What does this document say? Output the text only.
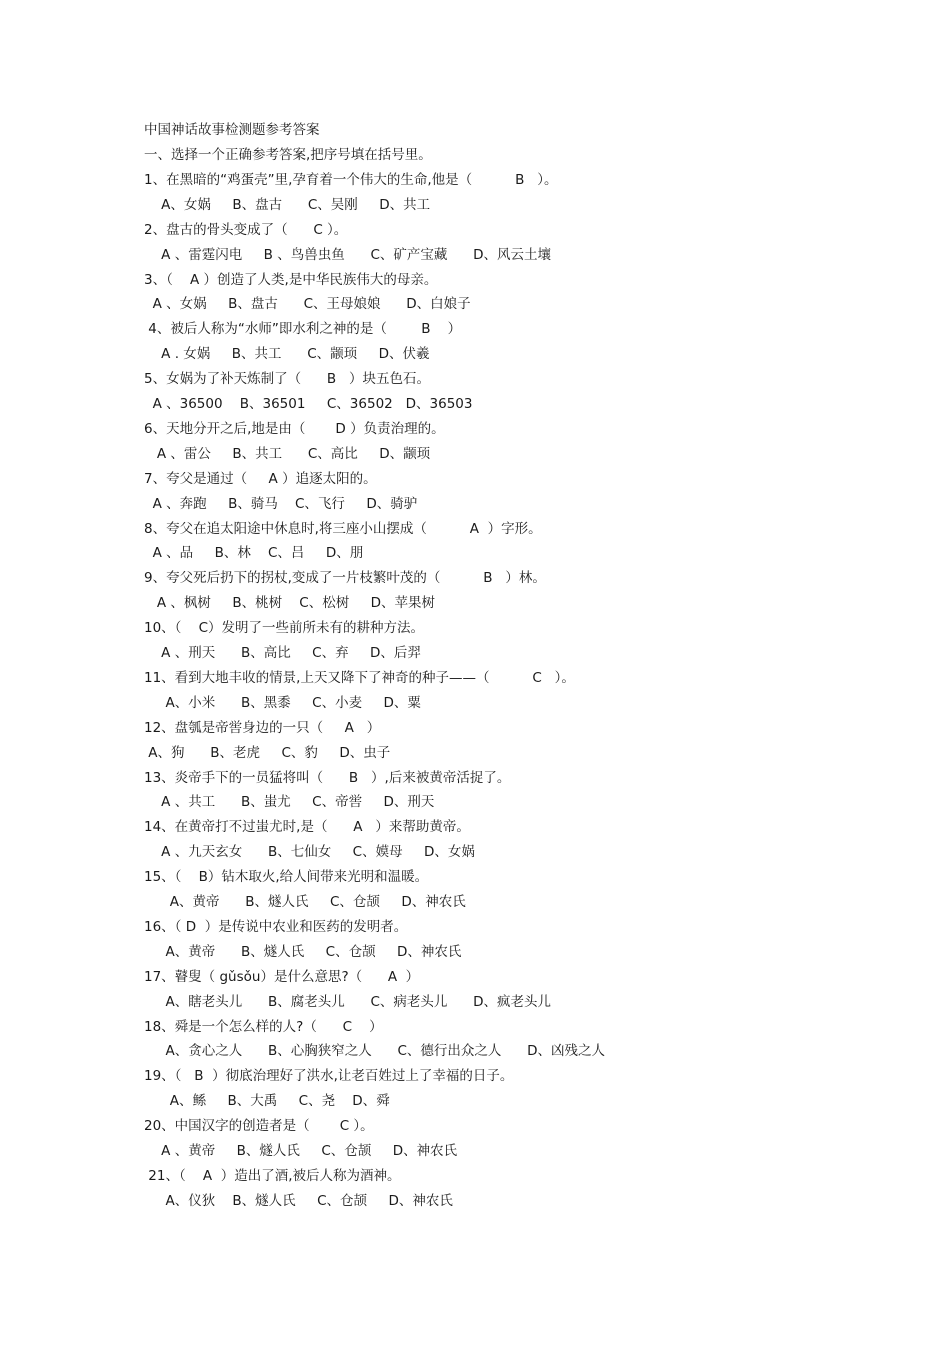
中国神话故事检测题参考答案
一、选择一个正确参考答案,把序号填在括号里。
1、在黑暗的“鸡蛋壳”里,孕育着一个伟大的生命,他是（          B   ）。
A、女娲     B、盘古      C、吴刚     D、共工
2、盘古的骨头变成了（      C ）。
A 、雷霆闪电     B 、鸟兽虫鱼      C、矿产宝藏      D、风云土壤
3、（    A ）创造了人类,是中华民族伟大的母亲。
A 、女娲     B、盘古      C、王母娘娘      D、白娘子
4、被后人称为“水师”即水利之神的是（        B    ）
A . 女娲     B、共工      C、颛顼     D、伏羲
5、女娲为了补天炼制了（      B   ）块五色石。
A 、36500    B、36501     C、36502   D、36503
6、天地分开之后,地是由（       D ）负责治理的。
A 、雷公     B、共工      C、高比     D、颛顼
7、夸父是通过（     A ）追逐太阳的。
A 、奔跑     B、骑马    C、飞行     D、骑驴
8、夸父在追太阳途中休息时,将三座小山摆成（          A  ）字形。
A 、品     B、林    C、吕     D、朋
9、夸父死后扔下的拐杖,变成了一片枝繁叶茂的（          B   ）林。
A 、枫树     B、桃树    C、松树     D、苹果树
10、（    C）发明了一些前所未有的耕种方法。
A 、刑天      B、高比     C、弃     D、后羿
11、看到大地丰收的情景,上天又降下了神奇的种子——（          C   ）。
A、小米      B、黑黍     C、小麦     D、粟
12、盘瓠是帝喾身边的一只（     A   ）
A、狗      B、老虎     C、豹     D、虫子
13、炎帝手下的一员猛将叫（      B   ）,后来被黄帝活捉了。
A 、共工      B、蚩尤     C、帝喾     D、刑天
14、在黄帝打不过蚩尤时,是（      A   ）来帮助黄帝。
A 、九天玄女      B、七仙女     C、嫫母     D、女娲
15、（    B）钻木取火,给人间带来光明和温暖。
A、黄帝      B、燧人氏     C、仓颉     D、神农氏
16、（ D  ）是传说中农业和医药的发明者。
A、黄帝      B、燧人氏     C、仓颉     D、神农氏
17、瞽叟（ gǔsǒu）是什么意思?（      A  ）
A、瞎老头儿      B、腐老头儿      C、病老头儿      D、疯老头儿
18、舜是一个怎么样的人?（      C    ）
A、贪心之人      B、心胸狭窄之人      C、德行出众之人      D、凶残之人
19、（   B  ）彻底治理好了洪水,让老百姓过上了幸福的日子。
A、鲧     B、大禹     C、尧    D、舜
20、中国汉字的创造者是（       C ）。
A 、黄帝     B、燧人氏     C、仓颉     D、神农氏
21、（    A  ）造出了酒,被后人称为酒神。
A、仪狄    B、燧人氏     C、仓颉     D、神农氏
